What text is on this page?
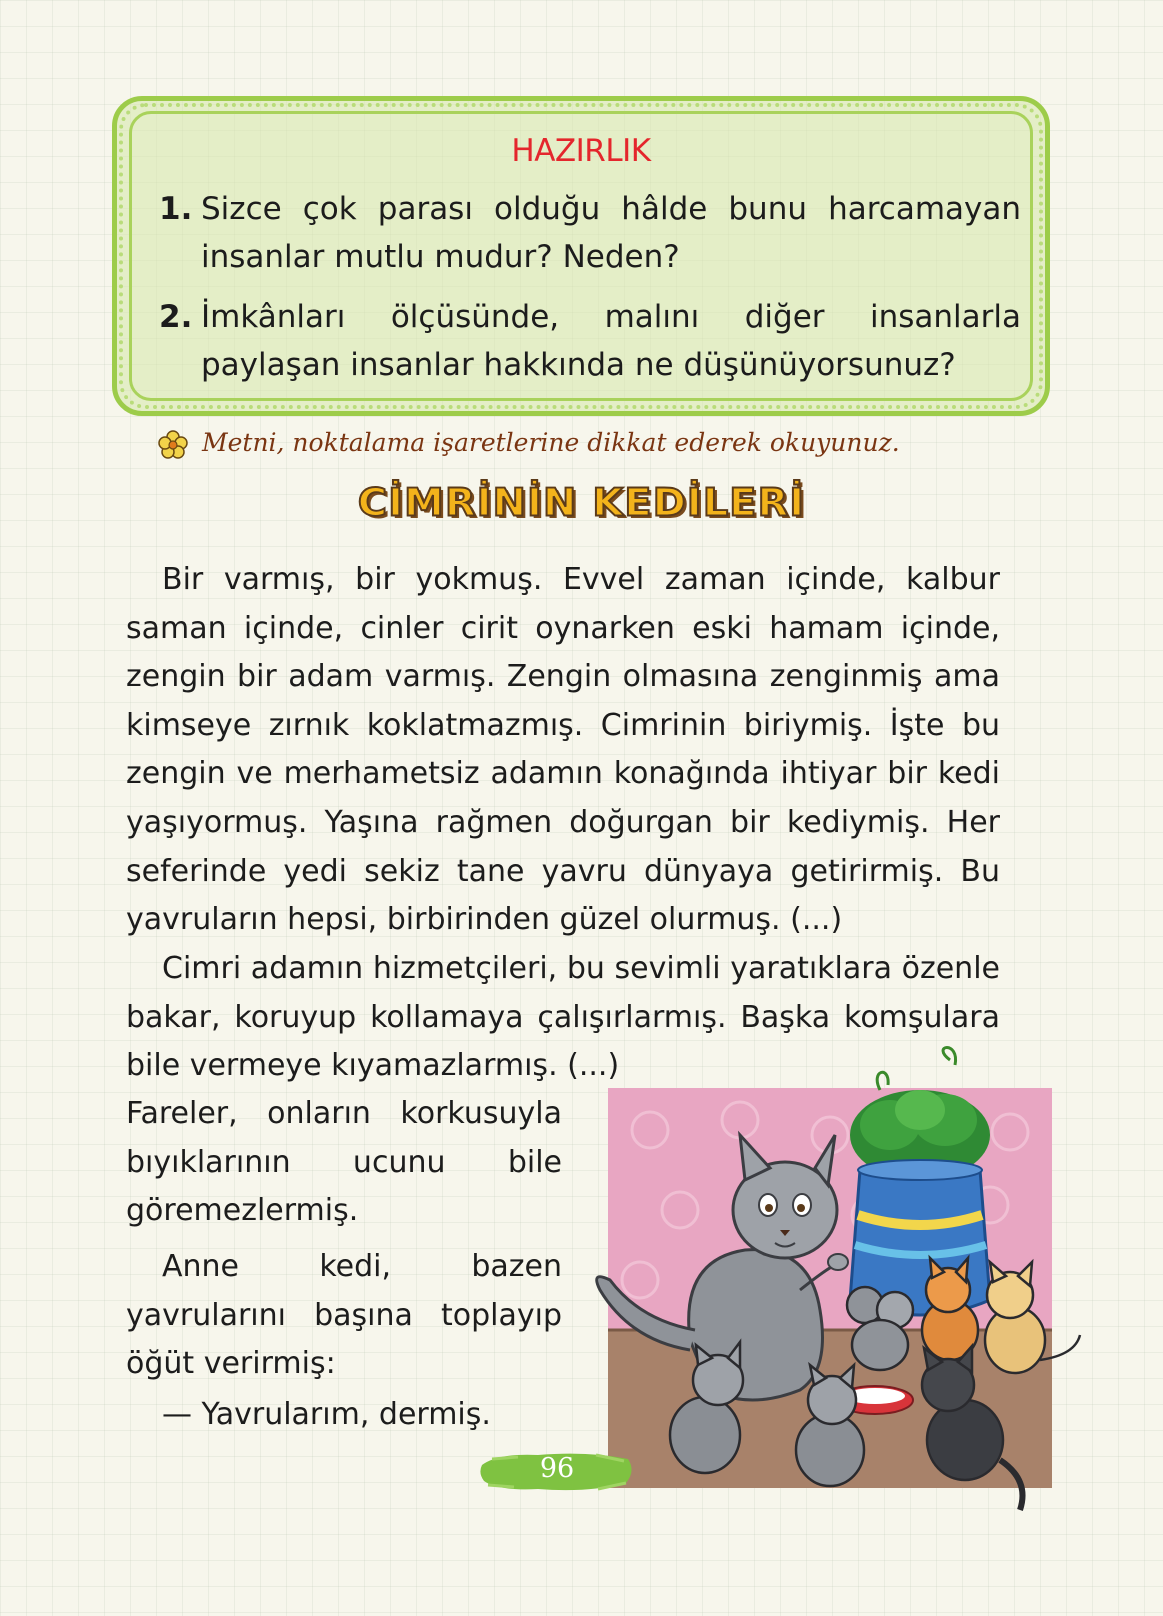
HAZIRLIK
1. Sizce çok parası olduğu hâlde bunu harcamayan insanlar mutlu mudur? Neden?
2. İmkânları ölçüsünde, malını diğer insanlarla paylaşan insanlar hakkında ne düşünüyorsunuz?
Metni, noktalama işaretlerine dikkat ederek okuyunuz.
CİMRİNİN KEDİLERİ
Bir varmış, bir yokmuş. Evvel zaman içinde, kalbur saman içinde, cinler cirit oynarken eski hamam içinde, zengin bir adam varmış. Zengin olmasına zenginmiş ama kimseye zırnık koklatmazmış. Cimrinin biriymiş. İşte bu zengin ve merhametsiz adamın konağında ihtiyar bir kedi yaşıyormuş. Yaşına rağmen doğurgan bir kediymiş. Her seferinde yedi sekiz tane yavru dünyaya getirirmiş. Bu yavruların hepsi, birbirinden güzel olurmuş. (...)
Cimri adamın hizmetçileri, bu sevimli yaratıklara özenle bakar, koruyup kollamaya çalışırlarmış. Başka komşulara bile vermeye kıyamazlarmış. (...)
Fareler, onların korkusuyla bıyıklarının ucunu bile göremezlermiş.
Anne kedi, bazen yavrularını başına toplayıp öğüt verirmiş:
— Yavrularım, dermiş.
96
